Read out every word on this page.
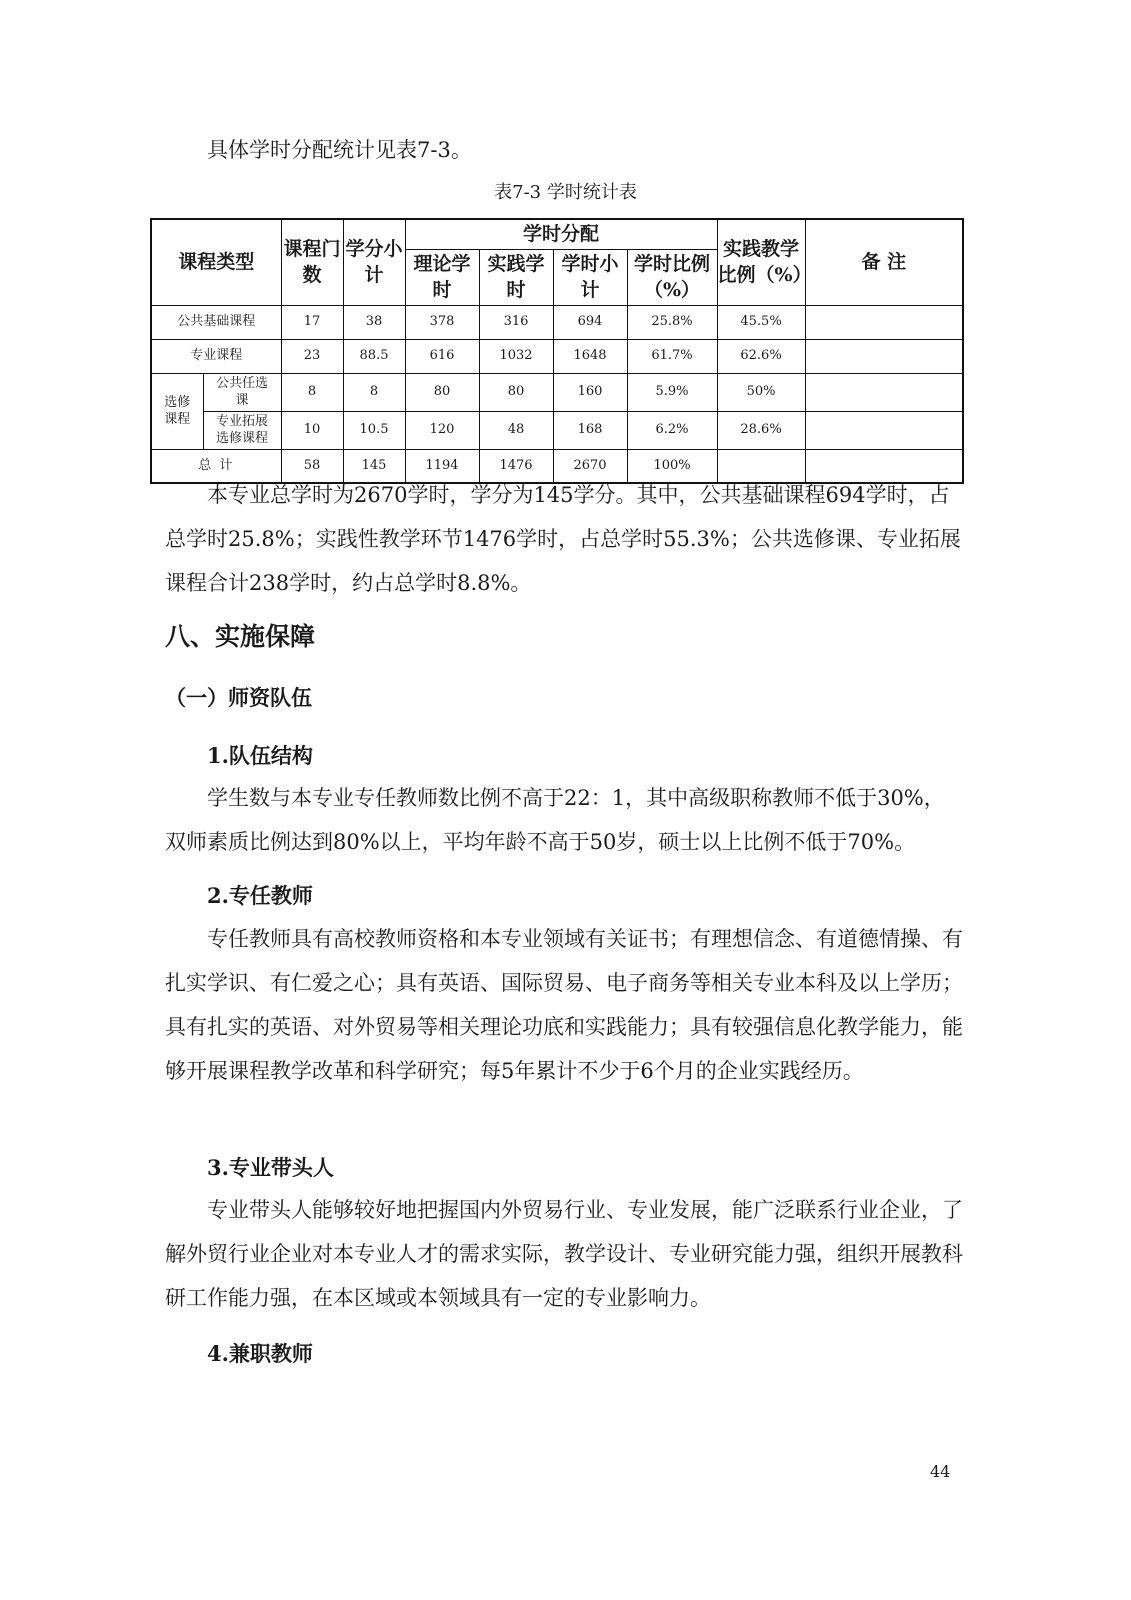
具体学时分配统计见表7-3。

表7-3 学时统计表

课程类型		课程门数	学分小计	学时分配				实践教学比例（%）	备 注
				理论学时	实践学时	学时小计	学时比例（%）		
公共基础课程		17	38	378	316	694	25.8%	45.5%	
专业课程		23	88.5	616	1032	1648	61.7%	62.6%	
选修课程	公共任选课	8	8	80	80	160	5.9%	50%	
	专业拓展选修课程	10	10.5	120	48	168	6.2%	28.6%	
总 计		58	145	1194	1476	2670	100%		

本专业总学时为2670学时，学分为145学分。其中，公共基础课程694学时，占总学时25.8%；实践性教学环节1476学时，占总学时55.3%；公共选修课、专业拓展课程合计238学时，约占总学时8.8%。

八、实施保障

（一）师资队伍

1.队伍结构

学生数与本专业专任教师数比例不高于22：1，其中高级职称教师不低于30%，双师素质比例达到80%以上，平均年龄不高于50岁，硕士以上比例不低于70%。

2.专任教师

专任教师具有高校教师资格和本专业领域有关证书；有理想信念、有道德情操、有扎实学识、有仁爱之心；具有英语、国际贸易、电子商务等相关专业本科及以上学历；具有扎实的英语、对外贸易等相关理论功底和实践能力；具有较强信息化教学能力，能够开展课程教学改革和科学研究；每5年累计不少于6个月的企业实践经历。

3.专业带头人

专业带头人能够较好地把握国内外贸易行业、专业发展，能广泛联系行业企业，了解外贸行业企业对本专业人才的需求实际，教学设计、专业研究能力强，组织开展教科研工作能力强，在本区域或本领域具有一定的专业影响力。

4.兼职教师

44
